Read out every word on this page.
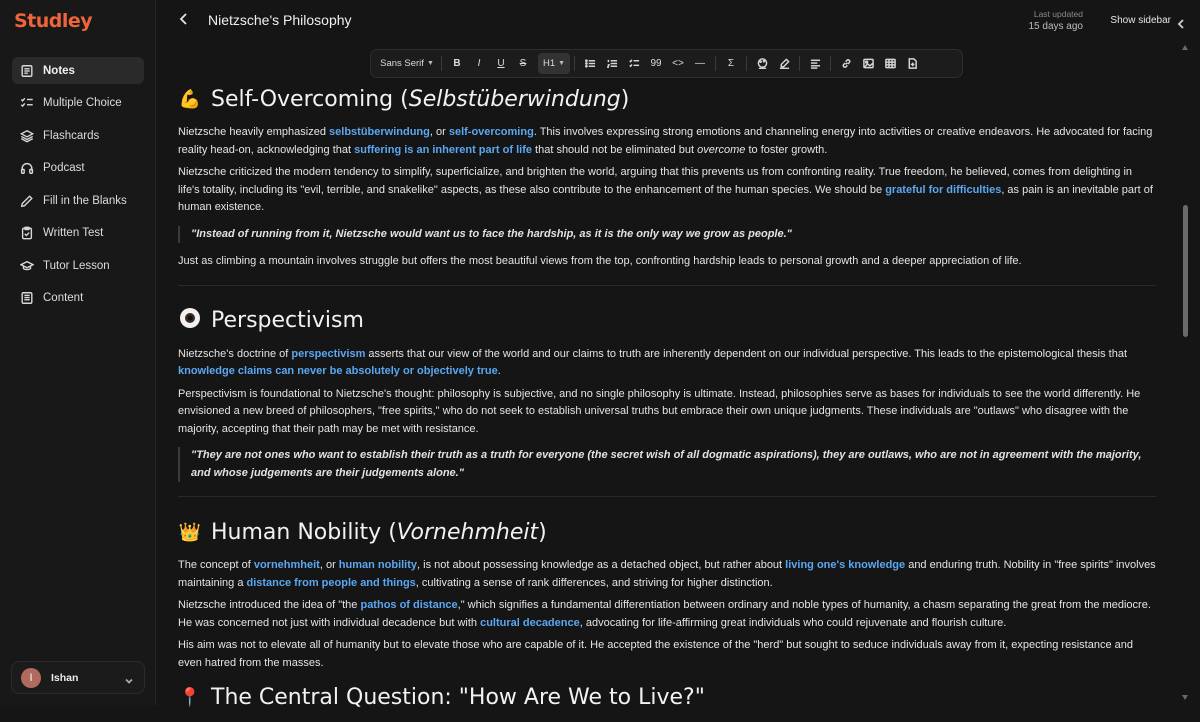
Studley
Notes
Multiple Choice
Flashcards
Podcast
Fill in the Blanks
Written Test
Tutor Lesson
Content
I	Ishan
Nietzsche's Philosophy	Last updated
15 days ago
Show sidebar
Sans Serif ▼	B	I	U	S	H1 ▼	99	<>	—	Σ
💪 Self-Overcoming ( Selbstüberwindung )

Nietzsche heavily emphasized selbstüberwindung, or self-overcoming. This involves expressing strong emotions and channeling energy into activities or creative endeavors. He advocated for facing reality head-on, acknowledging that suffering is an inherent part of life that should not be eliminated but overcome to foster growth.

Nietzsche criticized the modern tendency to simplify, superficialize, and brighten the world, arguing that this prevents us from confronting reality. True freedom, he believed, comes from delighting in life's totality, including its "evil, terrible, and snakelike" aspects, as these also contribute to the enhancement of the human species. We should be grateful for difficulties, as pain is an inevitable part of human existence.

"Instead of running from it, Nietzsche would want us to face the hardship, as it is the only way we grow as people."

Just as climbing a mountain involves struggle but offers the most beautiful views from the top, confronting hardship leads to personal growth and a deeper appreciation of life.

Perspectivism

Nietzsche's doctrine of perspectivism asserts that our view of the world and our claims to truth are inherently dependent on our individual perspective. This leads to the epistemological thesis that knowledge claims can never be absolutely or objectively true.

Perspectivism is foundational to Nietzsche's thought: philosophy is subjective, and no single philosophy is ultimate. Instead, philosophies serve as bases for individuals to see the world differently. He envisioned a new breed of philosophers, "free spirits," who do not seek to establish universal truths but embrace their own unique judgments. These individuals are "outlaws" who disagree with the majority, accepting that their path may be met with resistance.

"They are not ones who want to establish their truth as a truth for everyone (the secret wish of all dogmatic aspirations), they are outlaws, who are not in agreement with the majority, and whose judgements are their judgements alone."
👑 Human Nobility ( Vornehmheit )

The concept of vornehmheit, or human nobility, is not about possessing knowledge as a detached object, but rather about living one's knowledge and enduring truth. Nobility in "free spirits" involves maintaining a distance from people and things, cultivating a sense of rank differences, and striving for higher distinction.

Nietzsche introduced the idea of "the pathos of distance," which signifies a fundamental differentiation between ordinary and noble types of humanity, a chasm separating the great from the mediocre. He was concerned not just with individual decadence but with cultural decadence, advocating for life-affirming great individuals who could rejuvenate and flourish culture.

His aim was not to elevate all of humanity but to elevate those who are capable of it. He accepted the existence of the "herd" but sought to seduce individuals away from it, expecting resistance and even hatred from the masses.

📍 The Central Question: "How Are We to Live?"
